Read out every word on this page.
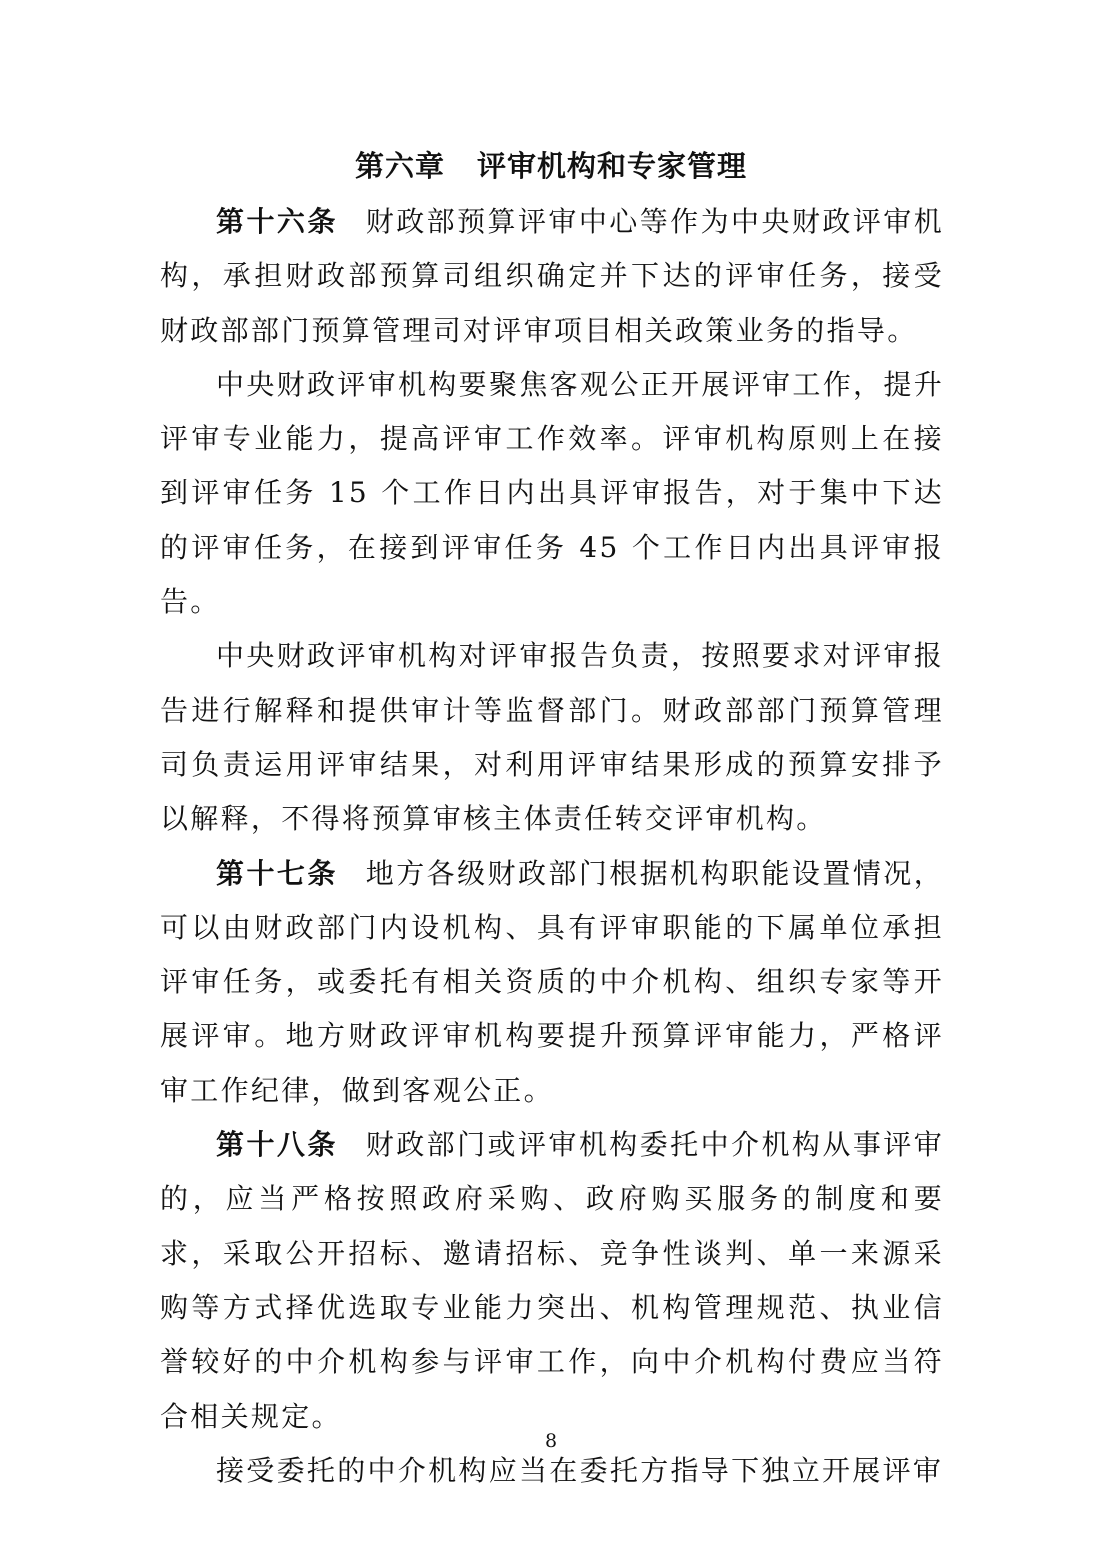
第六章 评审机构和专家管理

第十六条 财政部预算评审中心等作为中央财政评审机构，承担财政部预算司组织确定并下达的评审任务，接受财政部部门预算管理司对评审项目相关政策业务的指导。

中央财政评审机构要聚焦客观公正开展评审工作，提升评审专业能力，提高评审工作效率。评审机构原则上在接到评审任务 15 个工作日内出具评审报告，对于集中下达的评审任务，在接到评审任务 45 个工作日内出具评审报告。

中央财政评审机构对评审报告负责，按照要求对评审报告进行解释和提供审计等监督部门。财政部部门预算管理司负责运用评审结果，对利用评审结果形成的预算安排予以解释，不得将预算审核主体责任转交评审机构。

第十七条 地方各级财政部门根据机构职能设置情况，可以由财政部门内设机构、具有评审职能的下属单位承担评审任务，或委托有相关资质的中介机构、组织专家等开展评审。地方财政评审机构要提升预算评审能力，严格评审工作纪律，做到客观公正。

第十八条 财政部门或评审机构委托中介机构从事评审的，应当严格按照政府采购、政府购买服务的制度和要求，采取公开招标、邀请招标、竞争性谈判、单一来源采购等方式择优选取专业能力突出、机构管理规范、执业信誉较好的中介机构参与评审工作，向中介机构付费应当符合相关规定。

接受委托的中介机构应当在委托方指导下独立开展评审

8
